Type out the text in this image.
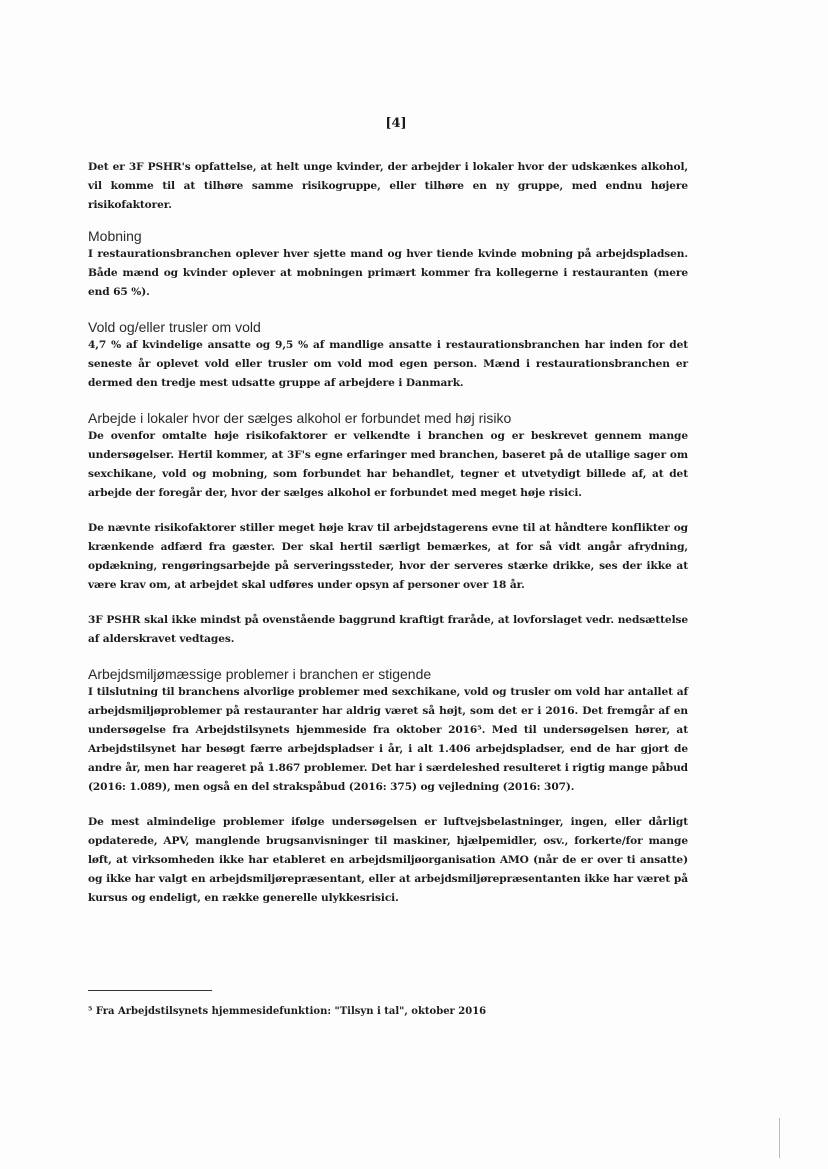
[4]

Det er 3F PSHR's opfattelse, at helt unge kvinder, der arbejder i lokaler hvor der udskænkes alkohol, vil komme til at tilhøre samme risikogruppe, eller tilhøre en ny gruppe, med endnu højere risikofaktorer.

Mobning

I restaurationsbranchen oplever hver sjette mand og hver tiende kvinde mobning på arbejdspladsen. Både mænd og kvinder oplever at mobningen primært kommer fra kollegerne i restauranten (mere end 65 %).

Vold og/eller trusler om vold

4,7 % af kvindelige ansatte og 9,5 % af mandlige ansatte i restaurationsbranchen har inden for det seneste år oplevet vold eller trusler om vold mod egen person. Mænd i restaurationsbranchen er dermed den tredje mest udsatte gruppe af arbejdere i Danmark.

Arbejde i lokaler hvor der sælges alkohol er forbundet med høj risiko

De ovenfor omtalte høje risikofaktorer er velkendte i branchen og er beskrevet gennem mange undersøgelser. Hertil kommer, at 3F's egne erfaringer med branchen, baseret på de utallige sager om sexchikane, vold og mobning, som forbundet har behandlet, tegner et utvetydigt billede af, at det arbejde der foregår der, hvor der sælges alkohol er forbundet med meget høje risici.

De nævnte risikofaktorer stiller meget høje krav til arbejdstagerens evne til at håndtere konflikter og krænkende adfærd fra gæster. Der skal hertil særligt bemærkes, at for så vidt angår afrydning, opdækning, rengøringsarbejde på serveringssteder, hvor der serveres stærke drikke, ses der ikke at være krav om, at arbejdet skal udføres under opsyn af personer over 18 år.

3F PSHR skal ikke mindst på ovenstående baggrund kraftigt fraråde, at lovforslaget vedr. nedsættelse af alderskravet vedtages.

Arbejdsmiljømæssige problemer i branchen er stigende

I tilslutning til branchens alvorlige problemer med sexchikane, vold og trusler om vold har antallet af arbejdsmiljøproblemer på restauranter har aldrig været så højt, som det er i 2016. Det fremgår af en undersøgelse fra Arbejdstilsynets hjemmeside fra oktober 2016⁵. Med til undersøgelsen hører, at Arbejdstilsynet har besøgt færre arbejdspladser i år, i alt 1.406 arbejdspladser, end de har gjort de andre år, men har reageret på 1.867 problemer. Det har i særdeleshed resulteret i rigtig mange påbud (2016: 1.089), men også en del strakspåbud (2016: 375) og vejledning (2016: 307).

De mest almindelige problemer ifølge undersøgelsen er luftvejsbelastninger, ingen, eller dårligt opdaterede, APV, manglende brugsanvisninger til maskiner, hjælpemidler, osv., forkerte/for mange løft, at virksomheden ikke har etableret en arbejdsmiljøorganisation AMO (når de er over ti ansatte) og ikke har valgt en arbejdsmiljørepræsentant, eller at arbejdsmiljørepræsentanten ikke har været på kursus og endeligt, en række generelle ulykkesrisici.

⁵ Fra Arbejdstilsynets hjemmesidefunktion: "Tilsyn i tal", oktober 2016
